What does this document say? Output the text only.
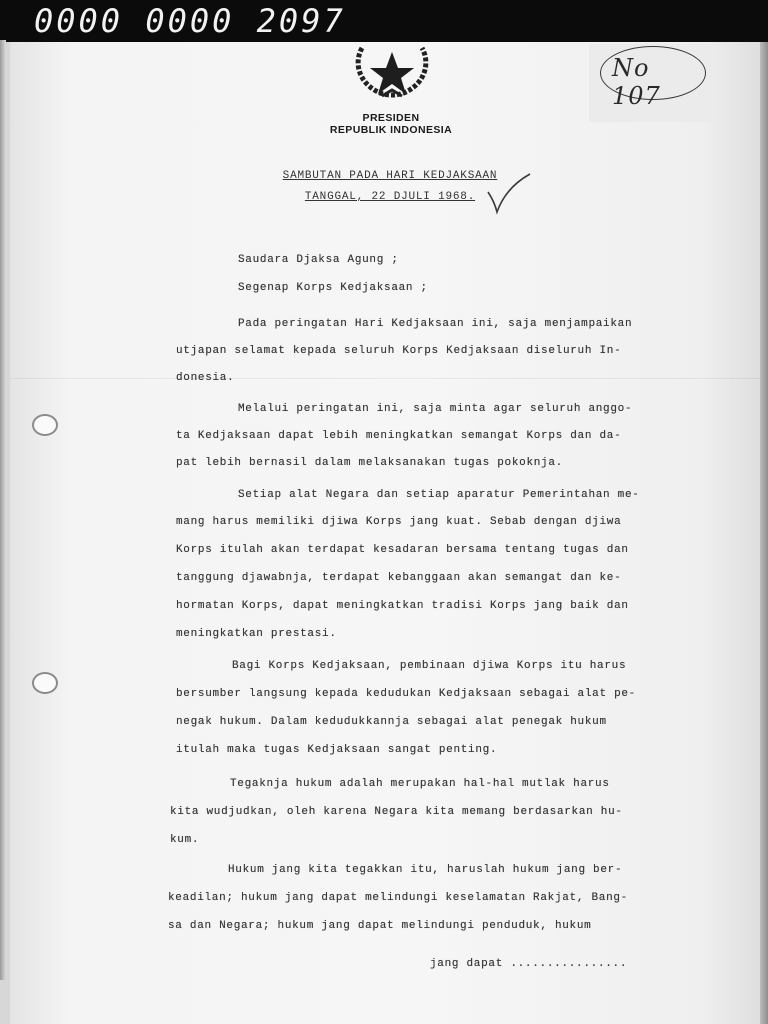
0000 0000 2097
PRESIDEN
REPUBLIK INDONESIA
No 107
SAMBUTAN PADA HARI KEDJAKSAAN
TANGGAL, 22 DJULI 1968.
Saudara Djaksa Agung ;
Segenap Korps Kedjaksaan ;
Pada peringatan Hari Kedjaksaan ini, saja menjampaikan
utjapan selamat kepada seluruh Korps Kedjaksaan diseluruh In-
donesia.
Melalui peringatan ini, saja minta agar seluruh anggo-
ta Kedjaksaan dapat lebih meningkatkan semangat Korps dan da-
pat lebih bernasil dalam melaksanakan tugas pokoknja.
Setiap alat Negara dan setiap aparatur Pemerintahan me-
mang harus memiliki djiwa Korps jang kuat. Sebab dengan djiwa
Korps itulah akan terdapat kesadaran bersama tentang tugas dan
tanggung djawabnja, terdapat kebanggaan akan semangat dan ke-
hormatan Korps, dapat meningkatkan tradisi Korps jang baik dan
meningkatkan prestasi.
Bagi Korps Kedjaksaan, pembinaan djiwa Korps itu harus
bersumber langsung kepada kedudukan Kedjaksaan sebagai alat pe-
negak hukum. Dalam kedudukkannja sebagai alat penegak hukum
itulah maka tugas Kedjaksaan sangat penting.
Tegaknja hukum adalah merupakan hal-hal mutlak harus
kita wudjudkan, oleh karena Negara kita memang berdasarkan hu-
kum.
Hukum jang kita tegakkan itu, haruslah hukum jang ber-
keadilan; hukum jang dapat melindungi keselamatan Rakjat, Bang-
sa dan Negara; hukum jang dapat melindungi penduduk, hukum
jang dapat ................
